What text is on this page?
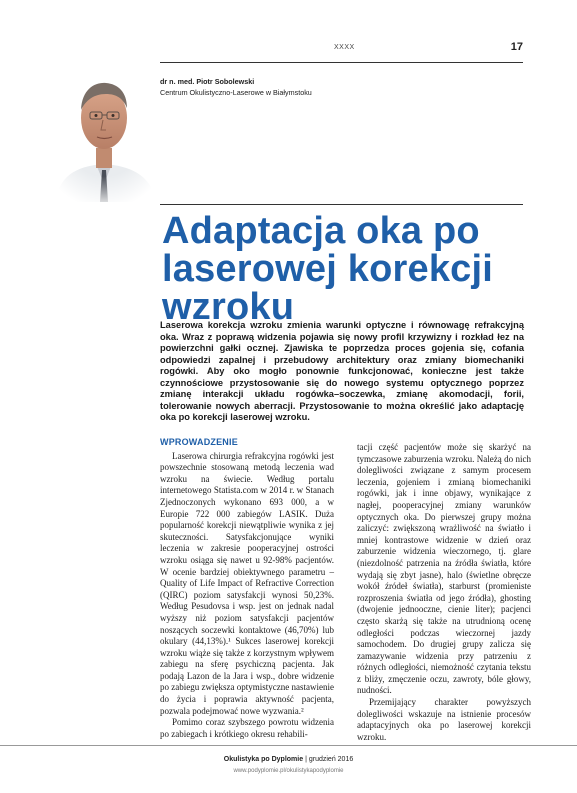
XXXX	17
dr n. med. Piotr Sobolewski
Centrum Okulistyczno-Laserowe w Białymstoku
Adaptacja oka po
laserowej korekcji
wzroku
Laserowa korekcja wzroku zmienia warunki optyczne i równowagę refrakcyjną oka. Wraz z poprawą widzenia pojawia się nowy profil krzywizny i rozkład łez na powierzchni gałki ocznej. Zjawiska te poprzedza proces gojenia się, cofania odpowiedzi zapalnej i przebudowy architektury oraz zmiany biomechaniki rogówki. Aby oko mogło ponownie funkcjonować, konieczne jest także czynnościowe przystosowanie się do nowego systemu optycznego poprzez zmianę interakcji układu rogówka–soczewka, zmianę akomodacji, forii, tolerowanie nowych aberracji. Przystosowanie to można określić jako adaptację oka po korekcji laserowej wzroku.
WPROWADZENIE

Laserowa chirurgia refrakcyjna rogówki jest powszechnie stosowaną metodą leczenia wad wzroku na świecie. Według portalu internetowego Statista.com w 2014 r. w Stanach Zjednoczonych wykonano 693 000, a w Europie 722 000 zabiegów LASIK. Duża popularność korekcji niewątpliwie wynika z jej skuteczności. Satysfakcjonujące wyniki leczenia w zakresie pooperacyjnej ostrości wzroku osiąga się nawet u 92-98% pacjentów. W ocenie bardziej obiektywnego parametru – Quality of Life Impact of Refractive Correction (QIRC) poziom satysfakcji wynosi 50,23%. Według Pesudovsa i wsp. jest on jednak nadal wyższy niż poziom satysfakcji pacjentów noszących soczewki kontaktowe (46,70%) lub okulary (44,13%).¹ Sukces laserowej korekcji wzroku wiąże się także z korzystnym wpływem zabiegu na sferę psychiczną pacjenta. Jak podają Lazon de la Jara i wsp., dobre widzenie po zabiegu zwiększa optymistyczne nastawienie do życia i poprawia aktywność pacjenta, pozwala podejmować nowe wyzwania.²

Pomimo coraz szybszego powrotu widzenia po zabiegach i krótkiego okresu rehabili-

tacji część pacjentów może się skarżyć na tymczasowe zaburzenia wzroku. Należą do nich dolegliwości związane z samym procesem leczenia, gojeniem i zmianą biomechaniki rogówki, jak i inne objawy, wynikające z nagłej, pooperacyjnej zmiany warunków optycznych oka. Do pierwszej grupy można zaliczyć: zwiększoną wrażliwość na światło i mniej kontrastowe widzenie w dzień oraz zaburzenie widzenia wieczornego, tj. glare (niezdolność patrzenia na źródła światła, które wydają się zbyt jasne), halo (świetlne obręcze wokół źródeł światła), starburst (promieniste rozproszenia światła od jego źródła), ghosting (dwojenie jednooczne, cienie liter); pacjenci często skarżą się także na utrudnioną ocenę odległości podczas wieczornej jazdy samochodem. Do drugiej grupy zalicza się zamazywanie widzenia przy patrzeniu z różnych odległości, niemożność czytania tekstu z bliży, zmęczenie oczu, zawroty, bóle głowy, nudności.

Przemijający charakter powyższych dolegliwości wskazuje na istnienie procesów adaptacyjnych oka po laserowej korekcji wzroku.

Okulistyka po Dyplomie | grudzień 2016
www.podyplomie.pl/okulistykapodyplomie
